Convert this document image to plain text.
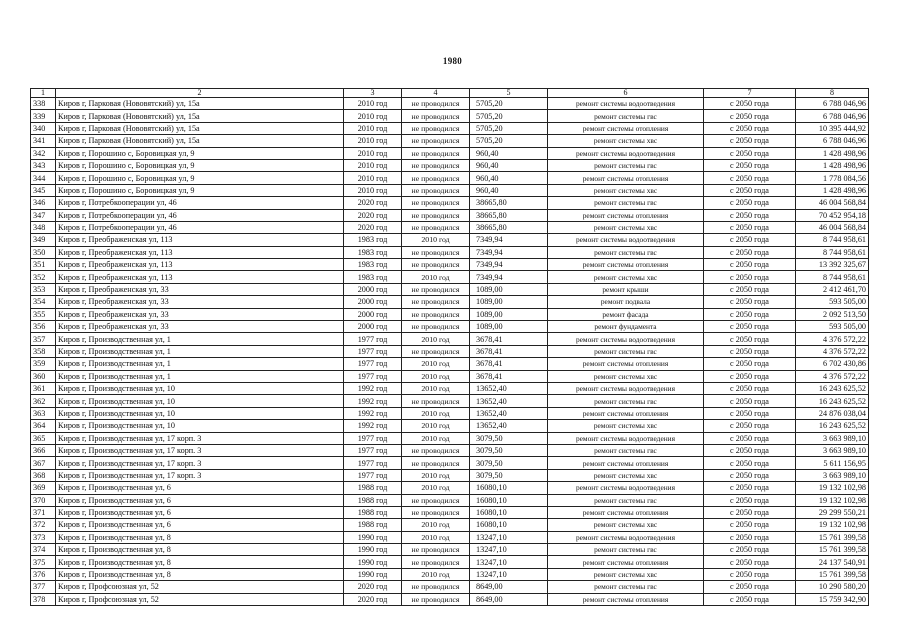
1980
1	2	3	4	5	6	7	8
338	Киров г, Парковая (Нововятский) ул, 15а	2010 год	не проводился	5705,20	ремонт системы водоотведения	с 2050 года	6 788 046,96
339	Киров г, Парковая (Нововятский) ул, 15а	2010 год	не проводился	5705,20	ремонт системы гвс	с 2050 года	6 788 046,96
340	Киров г, Парковая (Нововятский) ул, 15а	2010 год	не проводился	5705,20	ремонт системы отопления	с 2050 года	10 395 444,92
341	Киров г, Парковая (Нововятский) ул, 15а	2010 год	не проводился	5705,20	ремонт системы хвс	с 2050 года	6 788 046,96
342	Киров г, Порошино с, Боровицкая ул, 9	2010 год	не проводился	960,40	ремонт системы водоотведения	с 2050 года	1 428 498,96
343	Киров г, Порошино с, Боровицкая ул, 9	2010 год	не проводился	960,40	ремонт системы гвс	с 2050 года	1 428 498,96
344	Киров г, Порошино с, Боровицкая ул, 9	2010 год	не проводился	960,40	ремонт системы отопления	с 2050 года	1 778 084,56
345	Киров г, Порошино с, Боровицкая ул, 9	2010 год	не проводился	960,40	ремонт системы хвс	с 2050 года	1 428 498,96
346	Киров г, Потребкооперации ул, 46	2020 год	не проводился	38665,80	ремонт системы гвс	с 2050 года	46 004 568,84
347	Киров г, Потребкооперации ул, 46	2020 год	не проводился	38665,80	ремонт системы отопления	с 2050 года	70 452 954,18
348	Киров г, Потребкооперации ул, 46	2020 год	не проводился	38665,80	ремонт системы хвс	с 2050 года	46 004 568,84
349	Киров г, Преображенская ул, 113	1983 год	2010 год	7349,94	ремонт системы водоотведения	с 2050 года	8 744 958,61
350	Киров г, Преображенская ул, 113	1983 год	не проводился	7349,94	ремонт системы гвс	с 2050 года	8 744 958,61
351	Киров г, Преображенская ул, 113	1983 год	не проводился	7349,94	ремонт системы отопления	с 2050 года	13 392 325,67
352	Киров г, Преображенская ул, 113	1983 год	2010 год	7349,94	ремонт системы хвс	с 2050 года	8 744 958,61
353	Киров г, Преображенская ул, 33	2000 год	не проводился	1089,00	ремонт крыши	с 2050 года	2 412 461,70
354	Киров г, Преображенская ул, 33	2000 год	не проводился	1089,00	ремонт подвала	с 2050 года	593 505,00
355	Киров г, Преображенская ул, 33	2000 год	не проводился	1089,00	ремонт фасада	с 2050 года	2 092 513,50
356	Киров г, Преображенская ул, 33	2000 год	не проводился	1089,00	ремонт фундамента	с 2050 года	593 505,00
357	Киров г, Производственная ул, 1	1977 год	2010 год	3678,41	ремонт системы водоотведения	с 2050 года	4 376 572,22
358	Киров г, Производственная ул, 1	1977 год	не проводился	3678,41	ремонт системы гвс	с 2050 года	4 376 572,22
359	Киров г, Производственная ул, 1	1977 год	2010 год	3678,41	ремонт системы отопления	с 2050 года	6 702 430,86
360	Киров г, Производственная ул, 1	1977 год	2010 год	3678,41	ремонт системы хвс	с 2050 года	4 376 572,22
361	Киров г, Производственная ул, 10	1992 год	2010 год	13652,40	ремонт системы водоотведения	с 2050 года	16 243 625,52
362	Киров г, Производственная ул, 10	1992 год	не проводился	13652,40	ремонт системы гвс	с 2050 года	16 243 625,52
363	Киров г, Производственная ул, 10	1992 год	2010 год	13652,40	ремонт системы отопления	с 2050 года	24 876 038,04
364	Киров г, Производственная ул, 10	1992 год	2010 год	13652,40	ремонт системы хвс	с 2050 года	16 243 625,52
365	Киров г, Производственная ул, 17 корп. 3	1977 год	2010 год	3079,50	ремонт системы водоотведения	с 2050 года	3 663 989,10
366	Киров г, Производственная ул, 17 корп. 3	1977 год	не проводился	3079,50	ремонт системы гвс	с 2050 года	3 663 989,10
367	Киров г, Производственная ул, 17 корп. 3	1977 год	не проводился	3079,50	ремонт системы отопления	с 2050 года	5 611 156,95
368	Киров г, Производственная ул, 17 корп. 3	1977 год	2010 год	3079,50	ремонт системы хвс	с 2050 года	3 663 989,10
369	Киров г, Производственная ул, 6	1988 год	2010 год	16080,10	ремонт системы водоотведения	с 2050 года	19 132 102,98
370	Киров г, Производственная ул, 6	1988 год	не проводился	16080,10	ремонт системы гвс	с 2050 года	19 132 102,98
371	Киров г, Производственная ул, 6	1988 год	не проводился	16080,10	ремонт системы отопления	с 2050 года	29 299 550,21
372	Киров г, Производственная ул, 6	1988 год	2010 год	16080,10	ремонт системы хвс	с 2050 года	19 132 102,98
373	Киров г, Производственная ул, 8	1990 год	2010 год	13247,10	ремонт системы водоотведения	с 2050 года	15 761 399,58
374	Киров г, Производственная ул, 8	1990 год	не проводился	13247,10	ремонт системы гвс	с 2050 года	15 761 399,58
375	Киров г, Производственная ул, 8	1990 год	не проводился	13247,10	ремонт системы отопления	с 2050 года	24 137 540,91
376	Киров г, Производственная ул, 8	1990 год	2010 год	13247,10	ремонт системы хвс	с 2050 года	15 761 399,58
377	Киров г, Профсоюзная ул, 52	2020 год	не проводился	8649,00	ремонт системы гвс	с 2050 года	10 290 580,20
378	Киров г, Профсоюзная ул, 52	2020 год	не проводился	8649,00	ремонт системы отопления	с 2050 года	15 759 342,90
